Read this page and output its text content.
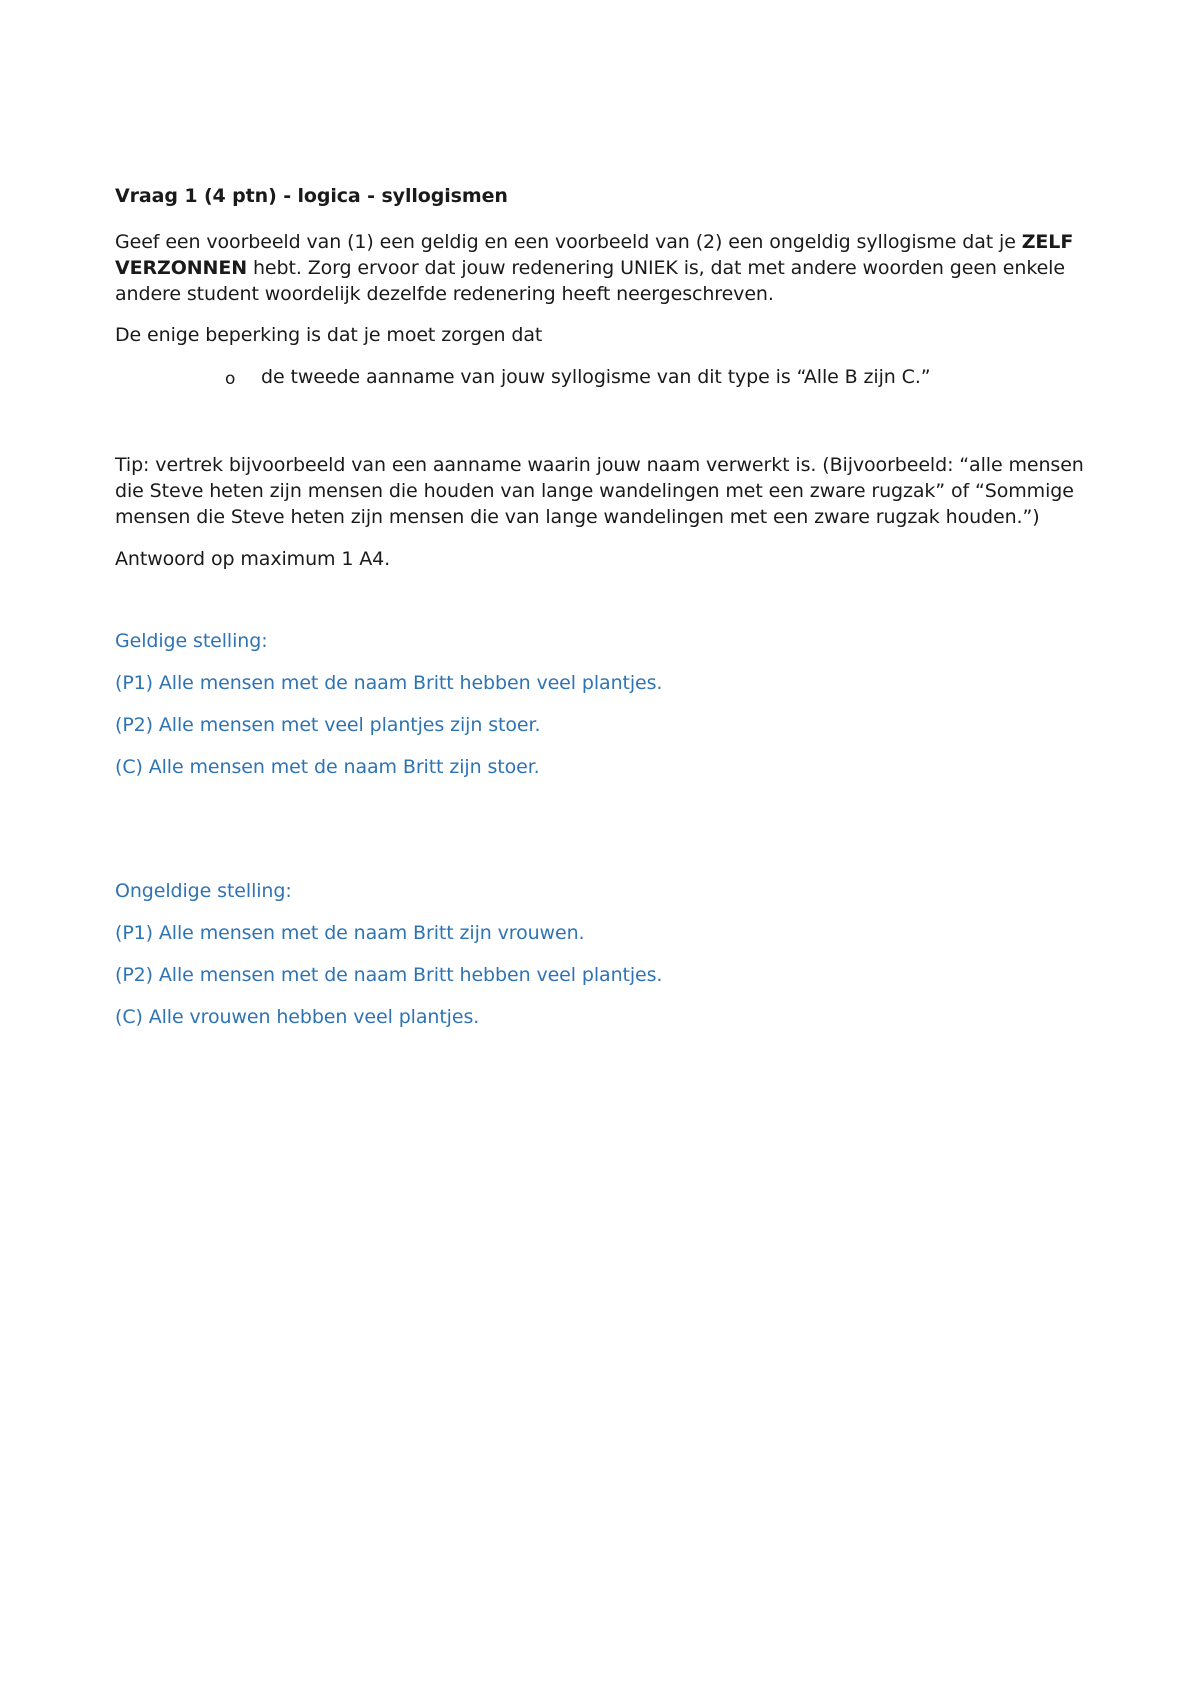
Vraag 1 (4 ptn) - logica - syllogismen

Geef een voorbeeld van (1) een geldig en een voorbeeld van (2) een ongeldig syllogisme dat je ZELF VERZONNEN hebt. Zorg ervoor dat jouw redenering UNIEK is, dat met andere woorden geen enkele andere student woordelijk dezelfde redenering heeft neergeschreven.

De enige beperking is dat je moet zorgen dat

o de tweede aanname van jouw syllogisme van dit type is “Alle B zijn C.”

Tip: vertrek bijvoorbeeld van een aanname waarin jouw naam verwerkt is. (Bijvoorbeeld: “alle mensen die Steve heten zijn mensen die houden van lange wandelingen met een zware rugzak” of “Sommige mensen die Steve heten zijn mensen die van lange wandelingen met een zware rugzak houden.”)

Antwoord op maximum 1 A4.

Geldige stelling:

(P1) Alle mensen met de naam Britt hebben veel plantjes.

(P2) Alle mensen met veel plantjes zijn stoer.

(C) Alle mensen met de naam Britt zijn stoer.

Ongeldige stelling:

(P1) Alle mensen met de naam Britt zijn vrouwen.

(P2) Alle mensen met de naam Britt hebben veel plantjes.

(C) Alle vrouwen hebben veel plantjes.
